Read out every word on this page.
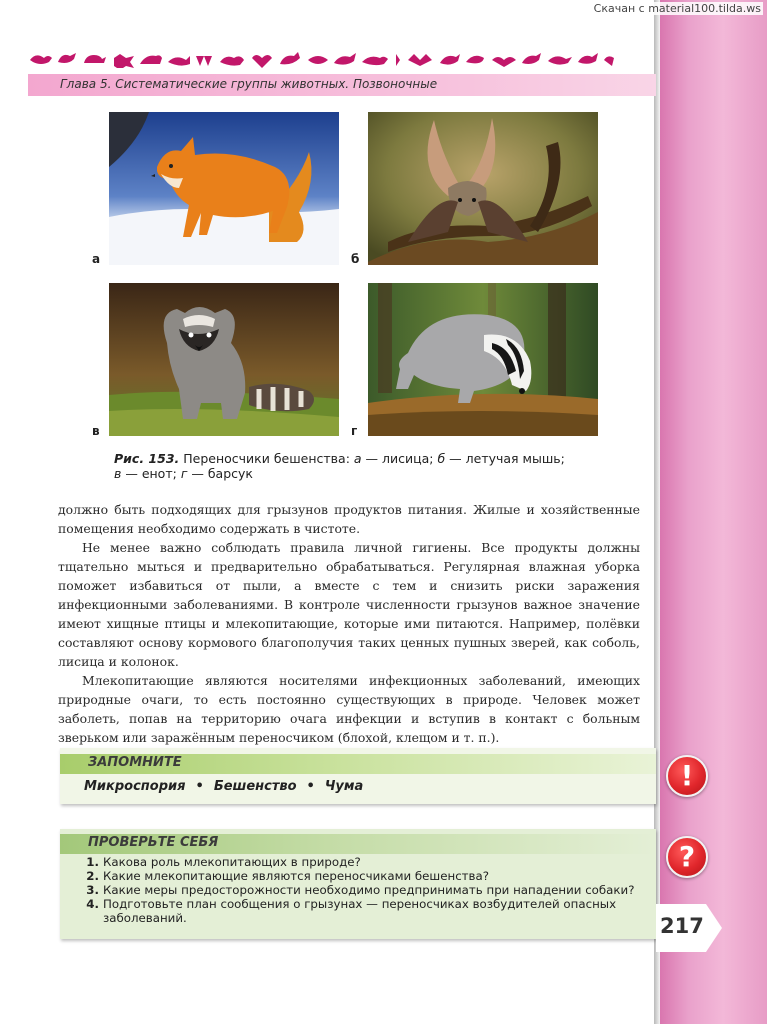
Скачан с material100.tilda.ws
Глава 5. Систематические группы животных. Позвоночные
а	б
в	г
Рис. 153. Переносчики бешенства: а — лисица; б — летучая мышь;
в — енот; г — барсук

должно быть подходящих для грызунов продуктов питания. Жилые и хозяйственные помещения необходимо содержать в чистоте.

Не менее важно соблюдать правила личной гигиены. Все продукты должны тщательно мыться и предварительно обрабатываться. Регулярная влажная уборка поможет избавиться от пыли, а вместе с тем и снизить риски заражения инфекционными заболеваниями. В контроле численности грызунов важное значение имеют хищные птицы и млекопитающие, которые ими питаются. Например, полёвки составляют основу кормового благополучия таких ценных пушных зверей, как соболь, лисица и колонок.

Млекопитающие являются носителями инфекционных заболеваний, имеющих природные очаги, то есть постоянно существующих в природе. Человек может заболеть, попав на территорию очага инфекции и вступив в контакт с больным зверьком или заражённым переносчиком (блохой, клещом и т. п.).

ЗАПОМНИТЕ
Микроспория • Бешенство • Чума	!
ПРОВЕРЬТЕ СЕБЯ
1. Какова роль млекопитающих в природе?
2. Какие млекопитающие являются переносчиками бешенства?
3. Какие меры предосторожности необходимо предпринимать при нападении собаки?
4. Подготовьте план сообщения о грызунах — переносчиках возбудителей опасных заболеваний.
?
217
